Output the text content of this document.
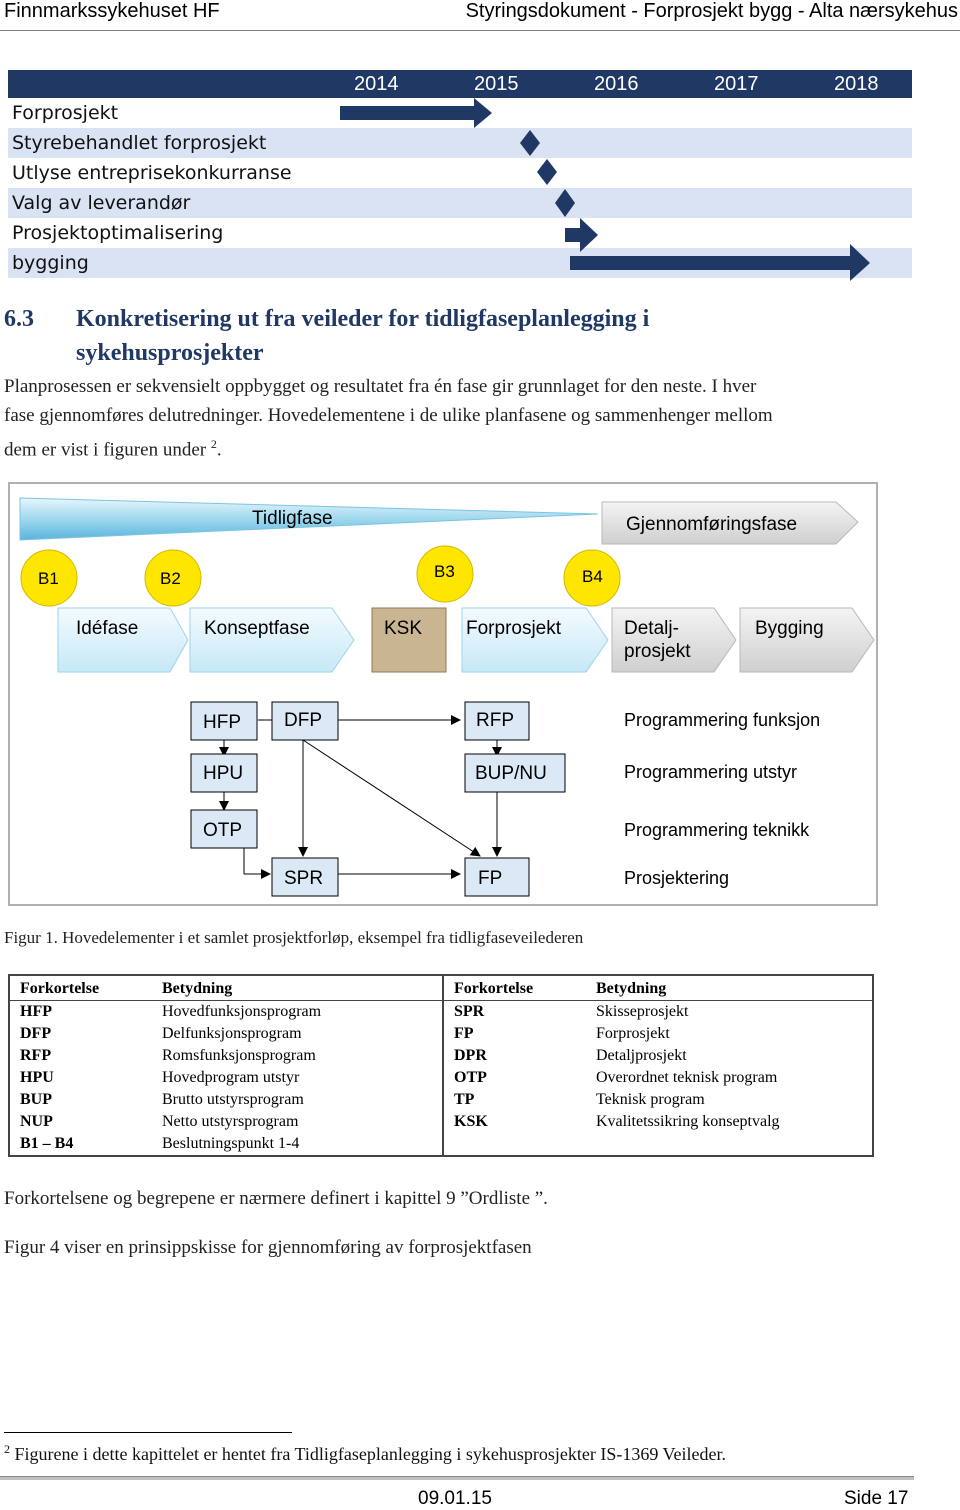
Finnmarkssykehuset HF	Styringsdokument - Forprosjekt bygg - Alta nærsykehus
2014	2015	2016	2017	2018
Forprosjekt
Styrebehandlet forprosjekt
Utlyse entreprisekonkurranse
Valg av leverandør
Prosjektoptimalisering
bygging
6.3 Konkretisering ut fra veileder for tidligfaseplanlegging i
sykehusprosjekter
Planprosessen er sekvensielt oppbygget og resultatet fra én fase gir grunnlaget for den neste. I hver
fase gjennomføres delutredninger. Hovedelementene i de ulike planfasene og sammenhenger mellom
dem er vist i figuren under $^2$.
Tidligfase	Gjennomføringsfase
B1	B2	B3	B4
Idéfase	Konseptfase	KSK Forprosjekt	Detalj-
prosjekt
Bygging
HFP DFP	RFP
HPU	BUP/NU
OTP
SPR	FP
Programmering funksjon
Programmering utstyr
Programmering teknikk
Prosjektering
Figur 1. Hovedelementer i et samlet prosjektforløp, eksempel fra tidligfaseveilederen
Forkortelse	Betydning	Forkortelse	Betydning
HFP	Hovedfunksjonsprogram	SPR	Skisseprosjekt
DFP	Delfunksjonsprogram	FP	Forprosjekt
RFP	Romsfunksjonsprogram	DPR	Detaljprosjekt
HPU	Hovedprogram utstyr	OTP	Overordnet teknisk program
BUP	Brutto utstyrsprogram	TP	Teknisk program
NUP	Netto utstyrsprogram	KSK	Kvalitetssikring konseptvalg
B1 – B4	Beslutningspunkt 1-4		
Forkortelsene og begrepene er nærmere definert i kapittel 9 ”Ordliste ”.
Figur 4 viser en prinsippskisse for gjennomføring av forprosjektfasen
$^2$ Figurene i dette kapittelet er hentet fra Tidligfaseplanlegging i sykehusprosjekter IS-1369 Veileder.
09.01.15	Side 17
